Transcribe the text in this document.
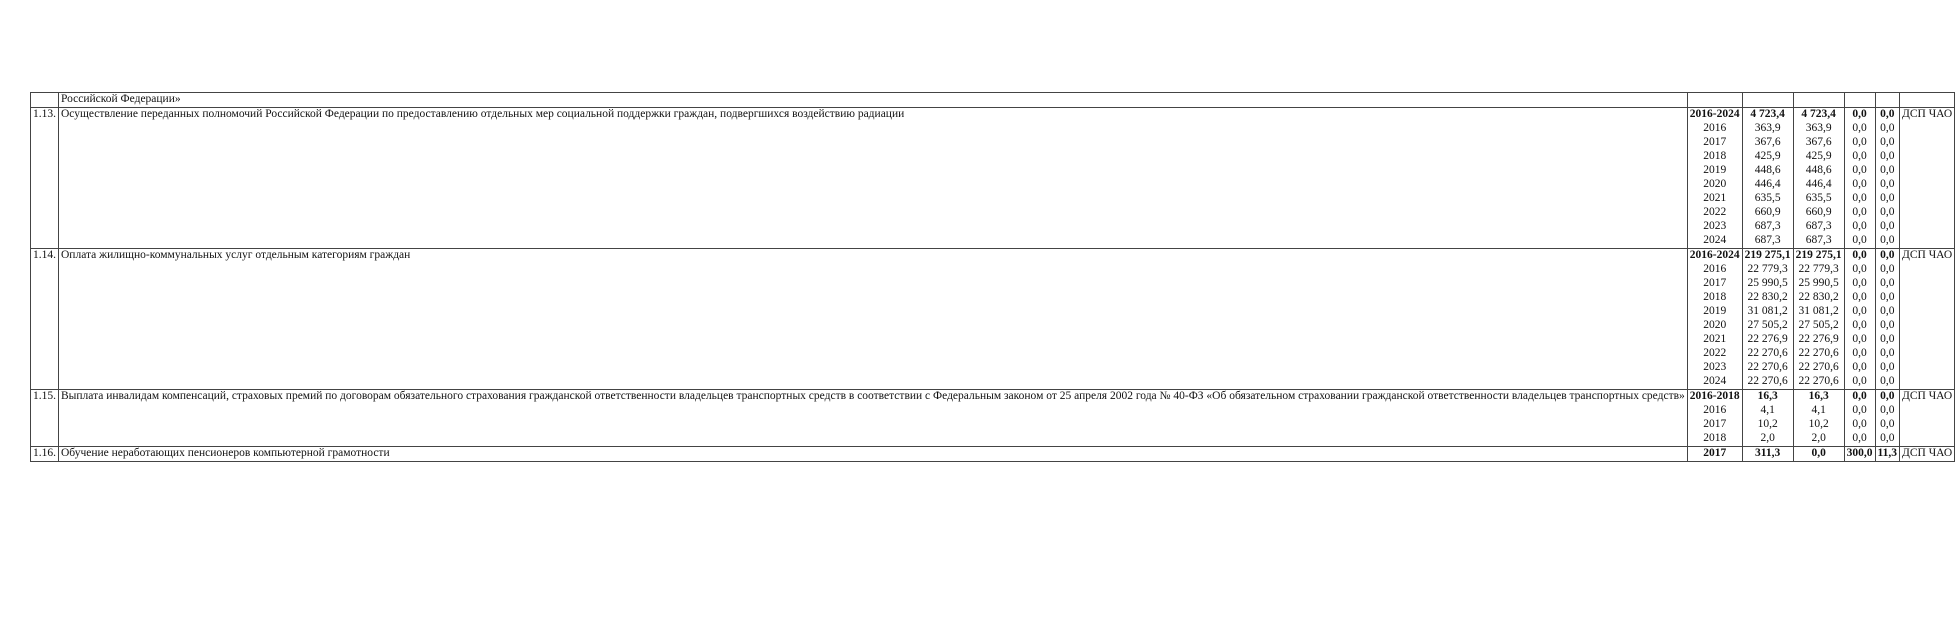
	Российской Федерации»						
1.13.	Осуществление переданных полномочий Российской Федерации по предоставлению отдельных мер социальной поддержки граждан, подвергшихся воздействию радиации	2016-2024	4 723,4	4 723,4	0,0	0,0	ДСП ЧАО
		2016	363,9	363,9	0,0	0,0	
		2017	367,6	367,6	0,0	0,0	
		2018	425,9	425,9	0,0	0,0	
		2019	448,6	448,6	0,0	0,0	
		2020	446,4	446,4	0,0	0,0	
		2021	635,5	635,5	0,0	0,0	
		2022	660,9	660,9	0,0	0,0	
		2023	687,3	687,3	0,0	0,0	
		2024	687,3	687,3	0,0	0,0	
1.14.	Оплата жилищно-коммунальных услуг отдельным категориям граждан	2016-2024	219 275,1	219 275,1	0,0	0,0	ДСП ЧАО
		2016	22 779,3	22 779,3	0,0	0,0	
		2017	25 990,5	25 990,5	0,0	0,0	
		2018	22 830,2	22 830,2	0,0	0,0	
		2019	31 081,2	31 081,2	0,0	0,0	
		2020	27 505,2	27 505,2	0,0	0,0	
		2021	22 276,9	22 276,9	0,0	0,0	
		2022	22 270,6	22 270,6	0,0	0,0	
		2023	22 270,6	22 270,6	0,0	0,0	
		2024	22 270,6	22 270,6	0,0	0,0	
1.15.	Выплата инвалидам компенсаций, страховых премий по договорам обязательного страхования гражданской ответственности владельцев транспортных средств в соответствии с Федеральным законом от 25 апреля 2002 года № 40-ФЗ «Об обязательном страховании гражданской ответственности владельцев транспортных средств»	2016-2018	16,3	16,3	0,0	0,0	ДСП ЧАО
		2016	4,1	4,1	0,0	0,0	
		2017	10,2	10,2	0,0	0,0	
		2018	2,0	2,0	0,0	0,0	
1.16.	Обучение неработающих пенсионеров компьютерной грамотности	2017	311,3	0,0	300,0	11,3	ДСП ЧАО
